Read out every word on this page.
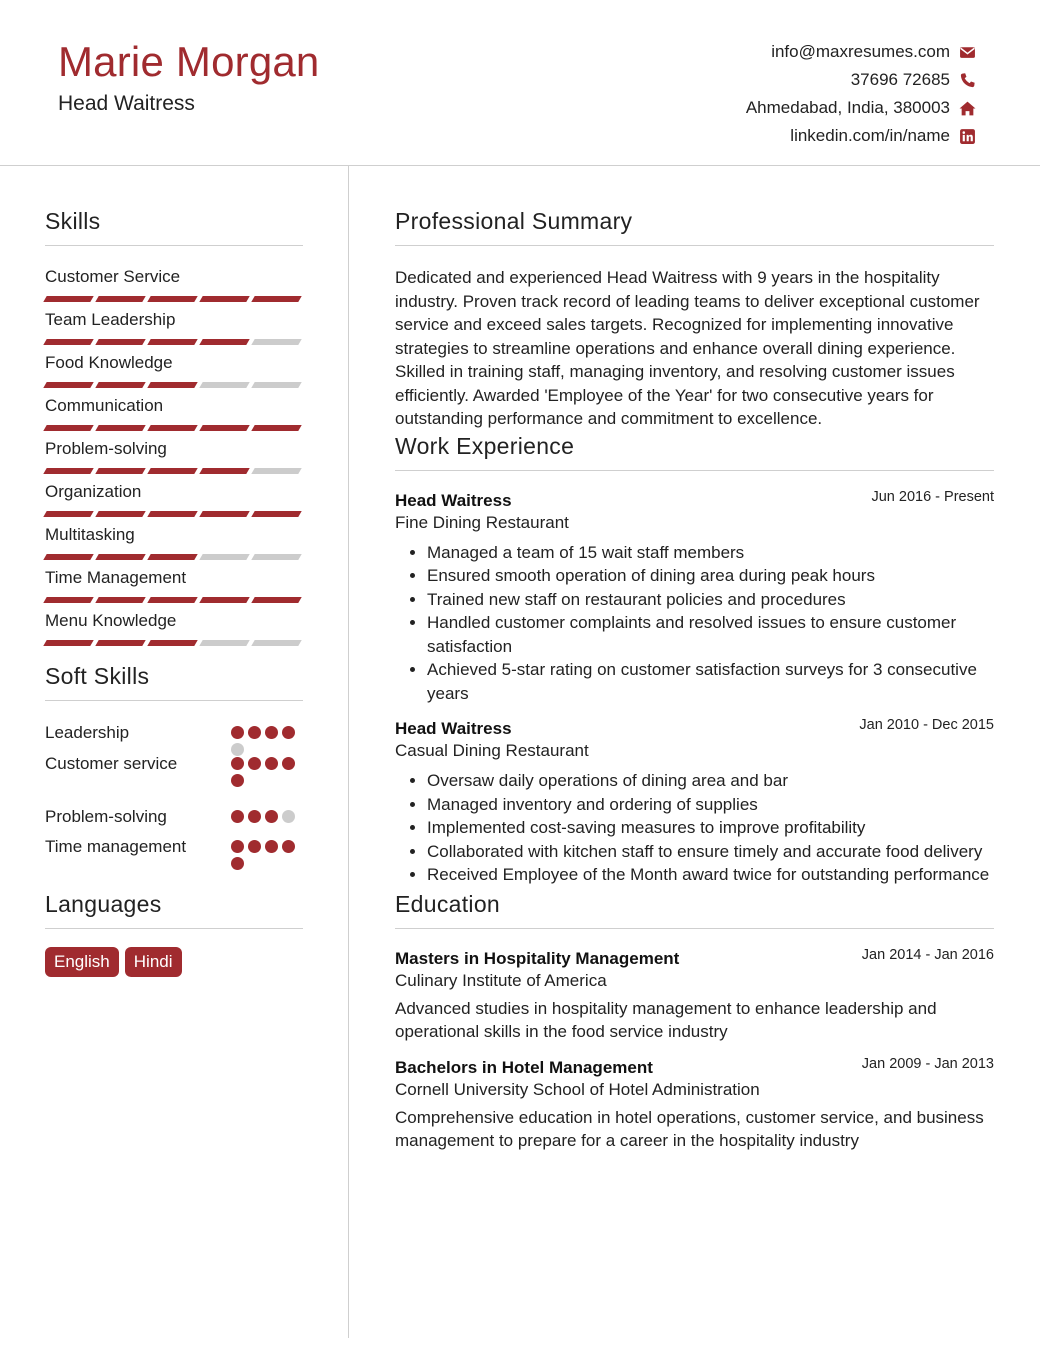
Marie Morgan
Head Waitress
info@maxresumes.com
37696 72685
Ahmedabad, India, 380003
linkedin.com/in/name
Skills
Customer Service
Team Leadership
Food Knowledge
Communication
Problem-solving
Organization
Multitasking
Time Management
Menu Knowledge
Soft Skills
Leadership
Customer service
Problem-solving
Time management
Languages
English	Hindi
Professional Summary
Dedicated and experienced Head Waitress with 9 years in the hospitality industry. Proven track record of leading teams to deliver exceptional customer service and exceed sales targets. Recognized for implementing innovative strategies to streamline operations and enhance overall dining experience. Skilled in training staff, managing inventory, and resolving customer issues efficiently. Awarded 'Employee of the Year' for two consecutive years for outstanding performance and commitment to excellence.
Work Experience
Head Waitress	Jun 2016 - Present
Fine Dining Restaurant
• Managed a team of 15 wait staff members
• Ensured smooth operation of dining area during peak hours
• Trained new staff on restaurant policies and procedures
• Handled customer complaints and resolved issues to ensure customer satisfaction
• Achieved 5-star rating on customer satisfaction surveys for 3 consecutive years
Head Waitress	Jan 2010 - Dec 2015
Casual Dining Restaurant
• Oversaw daily operations of dining area and bar
• Managed inventory and ordering of supplies
• Implemented cost-saving measures to improve profitability
• Collaborated with kitchen staff to ensure timely and accurate food delivery
• Received Employee of the Month award twice for outstanding performance
Education
Masters in Hospitality Management	Jan 2014 - Jan 2016
Culinary Institute of America
Advanced studies in hospitality management to enhance leadership and operational skills in the food service industry
Bachelors in Hotel Management	Jan 2009 - Jan 2013
Cornell University School of Hotel Administration
Comprehensive education in hotel operations, customer service, and business management to prepare for a career in the hospitality industry
